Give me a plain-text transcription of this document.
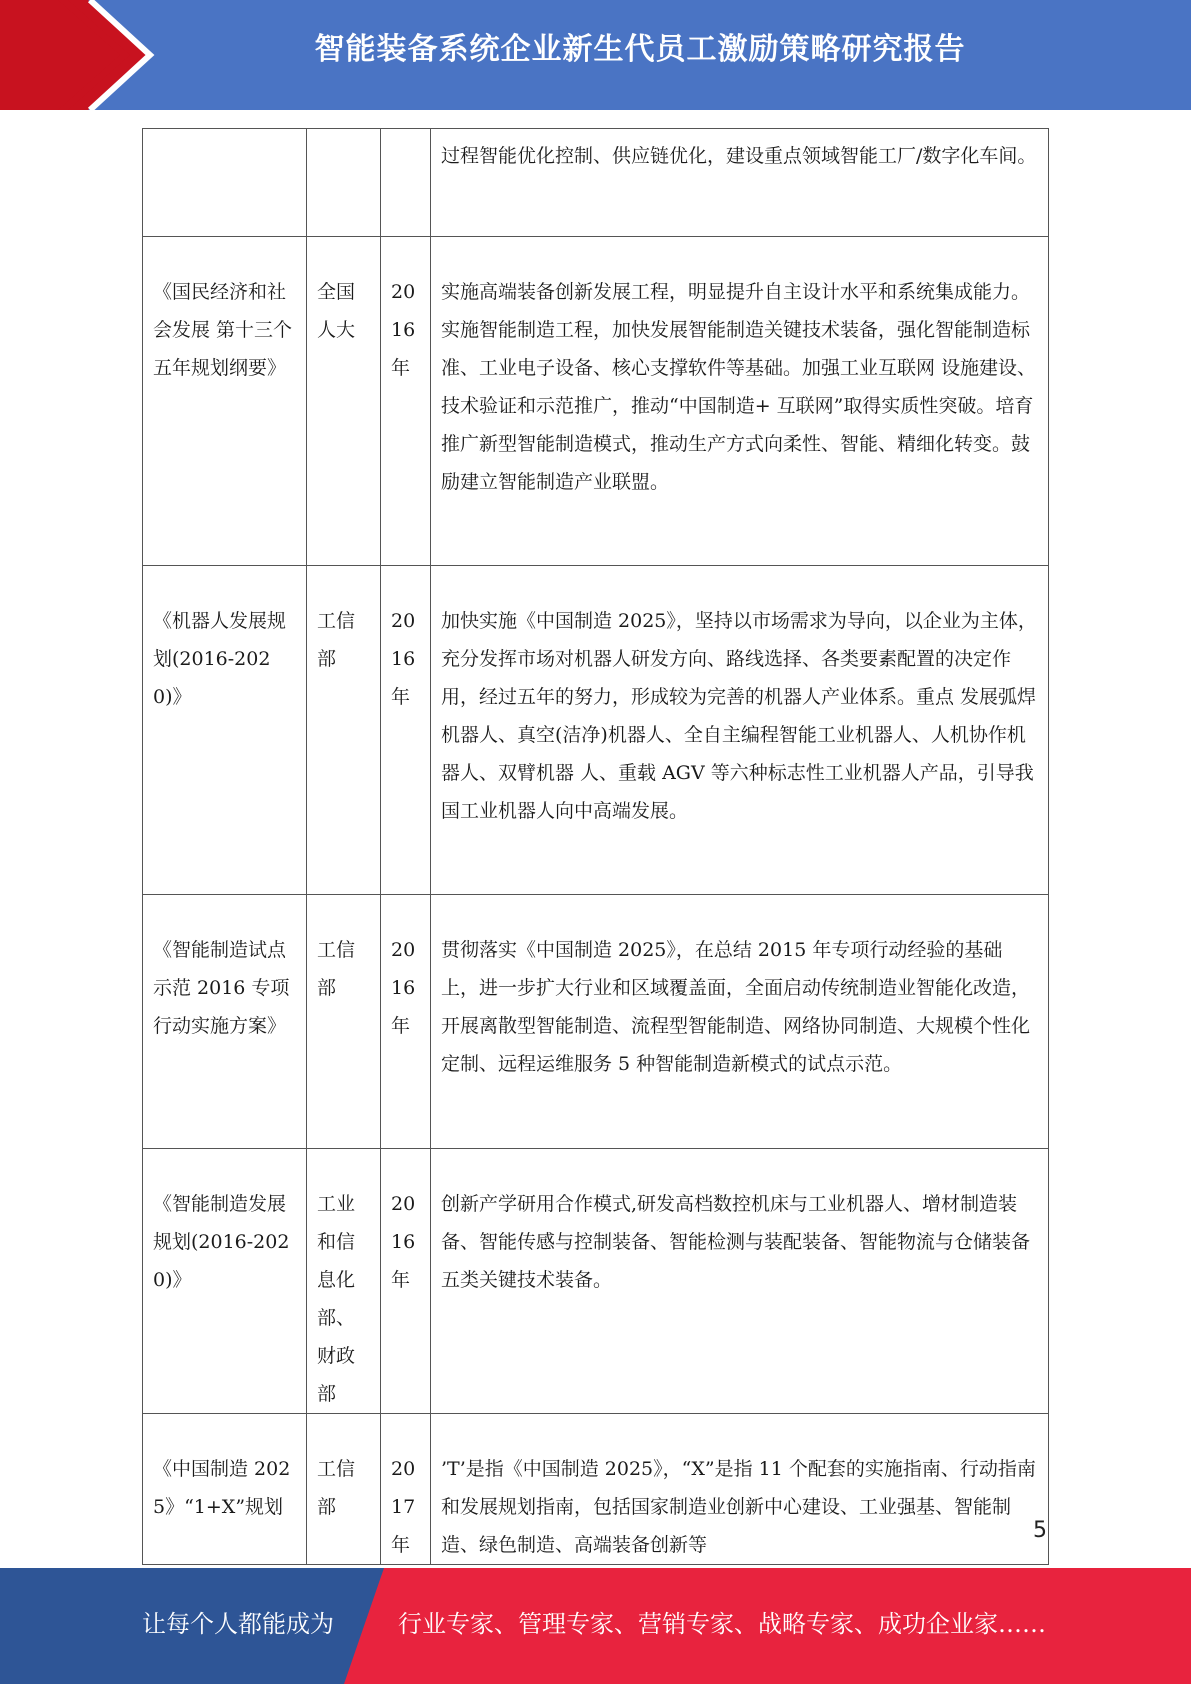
智能装备系统企业新生代员工激励策略研究报告
			过程智能优化控制、供应链优化，建设重点领域智能工厂/数字化车间。
《国民经济和社会发展 第十三个五年规划纲要》	全国人大	2016年	实施高端装备创新发展工程，明显提升自主设计水平和系统集成能力。实施智能制造工程，加快发展智能制造关键技术装备，强化智能制造标准、工业电子设备、核心支撑软件等基础。加强工业互联网 设施建设、技术验证和示范推广，推动“中国制造+ 互联网”取得实质性突破。培育推广新型智能制造模式，推动生产方式向柔性、智能、精细化转变。鼓励建立智能制造产业联盟。
《机器人发展规划(2016-2020)》	工信部	2016年	加快实施《中国制造 2025》，坚持以市场需求为导向，以企业为主体，充分发挥市场对机器人研发方向、路线选择、各类要素配置的决定作用，经过五年的努力，形成较为完善的机器人产业体系。重点 发展弧焊机器人、真空(洁净)机器人、全自主编程智能工业机器人、人机协作机器人、双臂机器 人、重载 AGV 等六种标志性工业机器人产品，引导我国工业机器人向中高端发展。
《智能制造试点示范 2016 专项行动实施方案》	工信部	2016年	贯彻落实《中国制造 2025》，在总结 2015 年专项行动经验的基础上，进一步扩大行业和区域覆盖面，全面启动传统制造业智能化改造，开展离散型智能制造、流程型智能制造、网络协同制造、大规模个性化定制、远程运维服务 5 种智能制造新模式的试点示范。
《智能制造发展规划(2016-2020)》	工业和信 息化部、财政部	2016年	创新产学研用合作模式,研发高档数控机床与工业机器人、增材制造装备、智能传感与控制装备、智能检测与装配装备、智能物流与仓储装备五类关键技术装备。
《中国制造 2025》“1+X”规划	工信部	2017年	’T’是指《中国制造 2025》，“X”是指 11 个配套的实施指南、行动指南和发展规划指南，包括国家制造业创新中心建设、工业强基、智能制造、绿色制造、高端装备创新等
5
让每个人都能成为	行业专家、管理专家、营销专家、战略专家、成功企业家……
